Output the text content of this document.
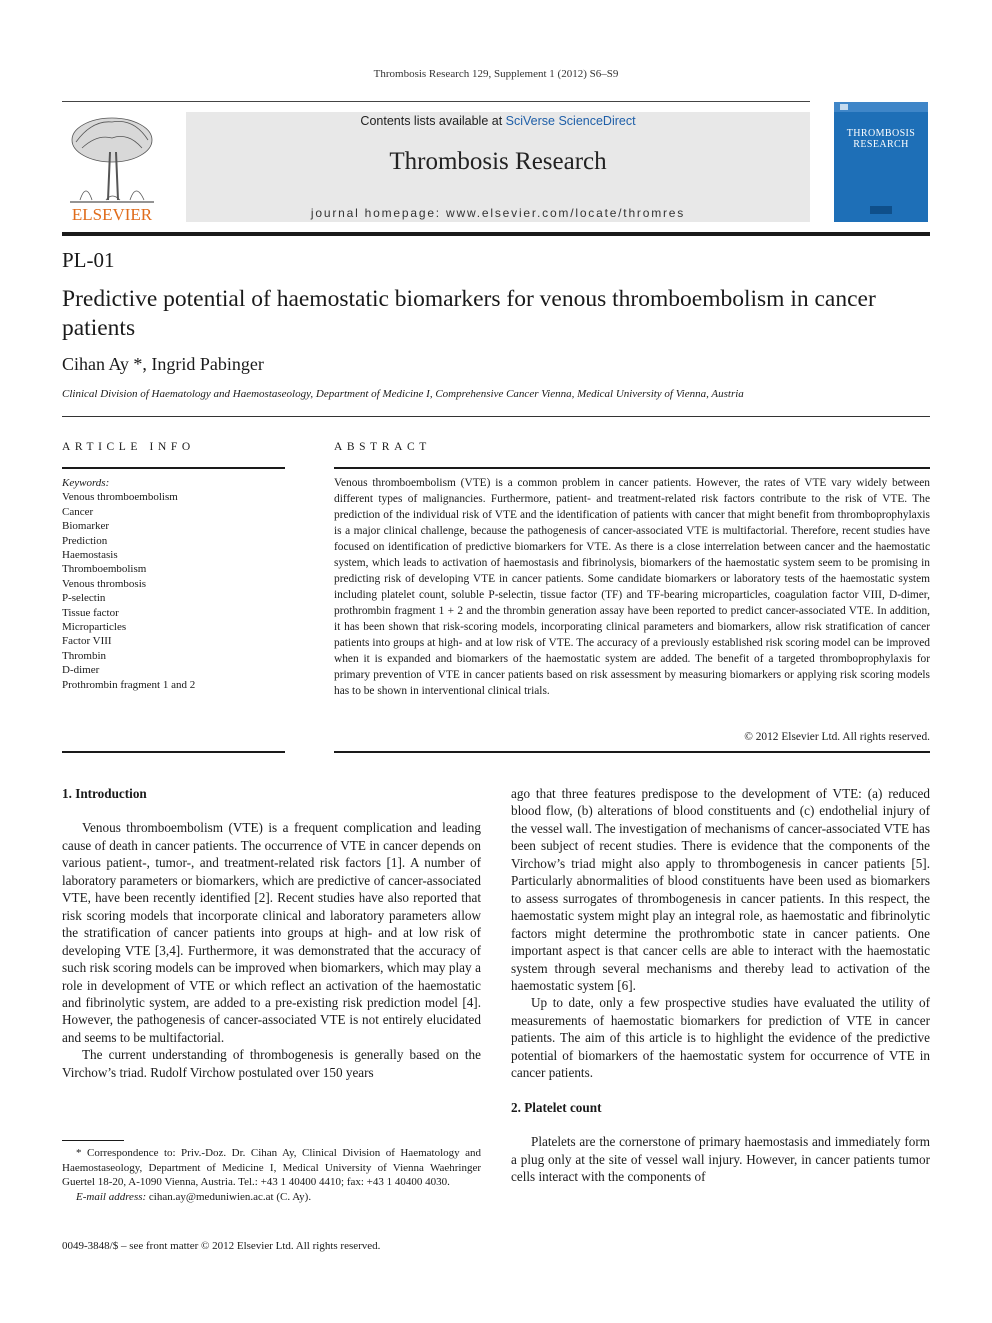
Thrombosis Research 129, Supplement 1 (2012) S6–S9
ELSEVIER
Contents lists available at SciVerse ScienceDirect
Thrombosis Research
journal homepage: www.elsevier.com/locate/thromres
THROMBOSIS
RESEARCH
PL-01
Predictive potential of haemostatic biomarkers for venous thromboembolism in cancer patients
Cihan Ay *, Ingrid Pabinger
Clinical Division of Haematology and Haemostaseology, Department of Medicine I, Comprehensive Cancer Vienna, Medical University of Vienna, Austria
ARTICLE INFO	ABSTRACT
Keywords:
Venous thromboembolism
Cancer
Biomarker
Prediction
Haemostasis
Thromboembolism
Venous thrombosis
P-selectin
Tissue factor
Microparticles
Factor VIII
Thrombin
D-dimer
Prothrombin fragment 1 and 2
Venous thromboembolism (VTE) is a common problem in cancer patients. However, the rates of VTE vary widely between different types of malignancies. Furthermore, patient- and treatment-related risk factors contribute to the risk of VTE. The prediction of the individual risk of VTE and the identification of patients with cancer that might benefit from thromboprophylaxis is a major clinical challenge, because the pathogenesis of cancer-associated VTE is multifactorial. Therefore, recent studies have focused on identification of predictive biomarkers for VTE. As there is a close interrelation between cancer and the haemostatic system, which leads to activation of haemostasis and fibrinolysis, biomarkers of the haemostatic system seem to be promising in predicting risk of developing VTE in cancer patients. Some candidate biomarkers or laboratory tests of the haemostatic system including platelet count, soluble P-selectin, tissue factor (TF) and TF-bearing microparticles, coagulation factor VIII, D-dimer, prothrombin fragment 1 + 2 and the thrombin generation assay have been reported to predict cancer-associated VTE. In addition, it has been shown that risk-scoring models, incorporating clinical parameters and biomarkers, allow risk stratification of cancer patients into groups at high- and at low risk of VTE. The accuracy of a previously established risk scoring model can be improved when it is expanded and biomarkers of the haemostatic system are added. The benefit of a targeted thromboprophylaxis for primary prevention of VTE in cancer patients based on risk assessment by measuring biomarkers or applying risk scoring models has to be shown in interventional clinical trials.
© 2012 Elsevier Ltd. All rights reserved.
1. Introduction

Venous thromboembolism (VTE) is a frequent complication and leading cause of death in cancer patients. The occurrence of VTE in cancer depends on various patient-, tumor-, and treatment-related risk factors [1]. A number of laboratory parameters or biomarkers, which are predictive of cancer-associated VTE, have been recently identified [2]. Recent studies have also reported that risk scoring models that incorporate clinical and laboratory parameters allow the stratification of cancer patients into groups at high- and at low risk of developing VTE [3,4]. Furthermore, it was demonstrated that the accuracy of such risk scoring models can be improved when biomarkers, which may play a role in development of VTE or which reflect an activation of the haemostatic and fibrinolytic system, are added to a pre-existing risk prediction model [4]. However, the pathogenesis of cancer-associated VTE is not entirely elucidated and seems to be multifactorial.

The current understanding of thrombogenesis is generally based on the Virchow’s triad. Rudolf Virchow postulated over 150 years

ago that three features predispose to the development of VTE: (a) reduced blood flow, (b) alterations of blood constituents and (c) endothelial injury of the vessel wall. The investigation of mechanisms of cancer-associated VTE has been subject of recent studies. There is evidence that the components of the Virchow’s triad might also apply to thrombogenesis in cancer patients [5]. Particularly abnormalities of blood constituents have been used as biomarkers to assess surrogates of thrombogenesis in cancer patients. In this respect, the haemostatic system might play an integral role, as haemostatic and fibrinolytic factors might determine the prothrombotic state in cancer patients. One important aspect is that cancer cells are able to interact with the haemostatic system through several mechanisms and thereby lead to activation of the haemostatic system [6].

Up to date, only a few prospective studies have evaluated the utility of measurements of haemostatic biomarkers for prediction of VTE in cancer patients. The aim of this article is to highlight the evidence of the predictive potential of biomarkers of the haemostatic system for occurrence of VTE in cancer patients.

2. Platelet count

Platelets are the cornerstone of primary haemostasis and immediately form a plug only at the site of vessel wall injury. However, in cancer patients tumor cells interact with the components of

* Correspondence to: Priv.-Doz. Dr. Cihan Ay, Clinical Division of Haematology and Haemostaseology, Department of Medicine I, Medical University of Vienna Waehringer Guertel 18-20, A-1090 Vienna, Austria. Tel.: +43 1 40400 4410; fax: +43 1 40400 4030.

E-mail address: cihan.ay@meduniwien.ac.at (C. Ay).

0049-3848/$ – see front matter © 2012 Elsevier Ltd. All rights reserved.
